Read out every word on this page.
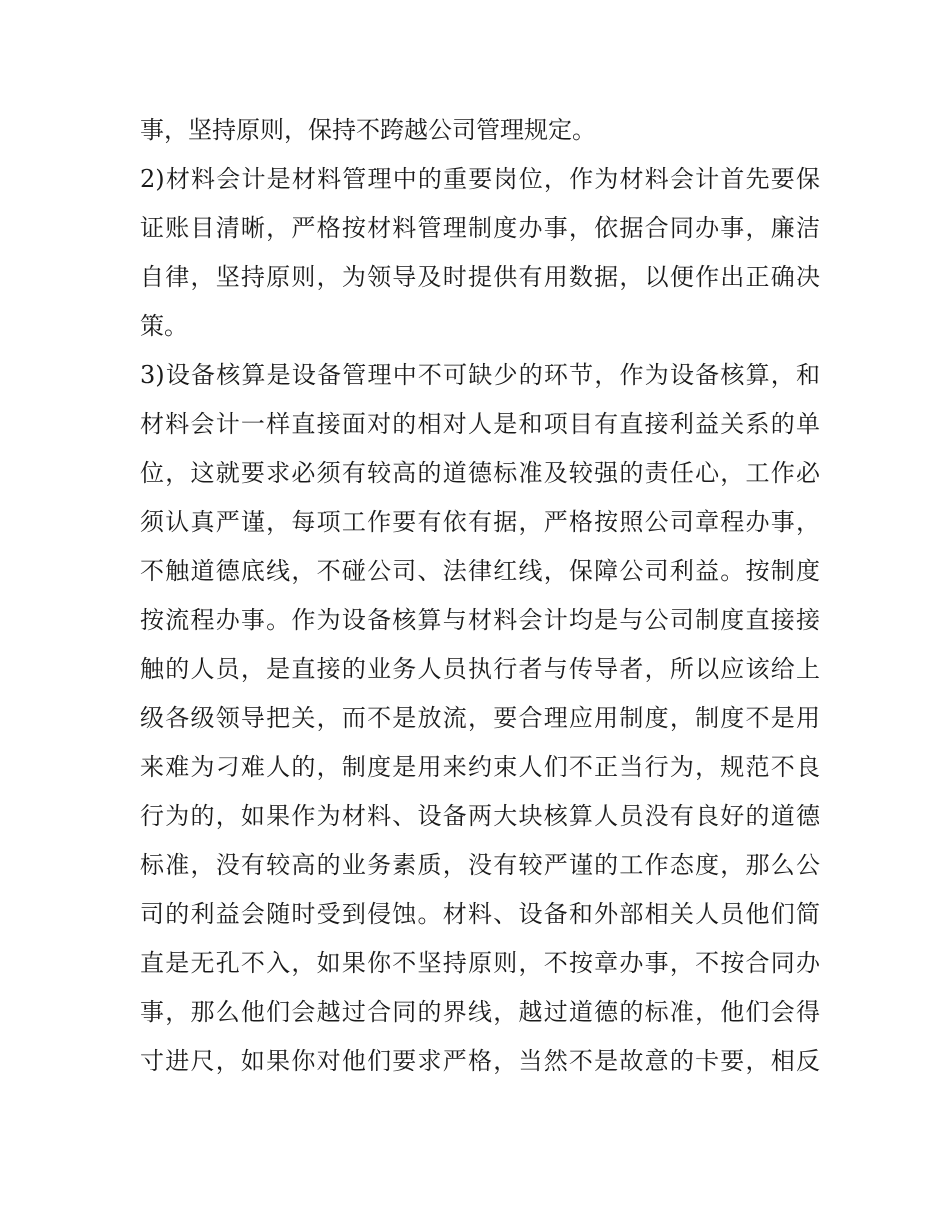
事，坚持原则，保持不跨越公司管理规定。
2)材料会计是材料管理中的重要岗位，作为材料会计首先要保
证账目清晰，严格按材料管理制度办事，依据合同办事，廉洁
自律，坚持原则，为领导及时提供有用数据，以便作出正确决
策。
3)设备核算是设备管理中不可缺少的环节，作为设备核算，和
材料会计一样直接面对的相对人是和项目有直接利益关系的单
位，这就要求必须有较高的道德标准及较强的责任心，工作必
须认真严谨，每项工作要有依有据，严格按照公司章程办事，
不触道德底线，不碰公司、法律红线，保障公司利益。按制度
按流程办事。作为设备核算与材料会计均是与公司制度直接接
触的人员，是直接的业务人员执行者与传导者，所以应该给上
级各级领导把关，而不是放流，要合理应用制度，制度不是用
来难为刁难人的，制度是用来约束人们不正当行为，规范不良
行为的，如果作为材料、设备两大块核算人员没有良好的道德
标准，没有较高的业务素质，没有较严谨的工作态度，那么公
司的利益会随时受到侵蚀。材料、设备和外部相关人员他们简
直是无孔不入，如果你不坚持原则，不按章办事，不按合同办
事，那么他们会越过合同的界线，越过道德的标准，他们会得
寸进尺，如果你对他们要求严格，当然不是故意的卡要，相反
